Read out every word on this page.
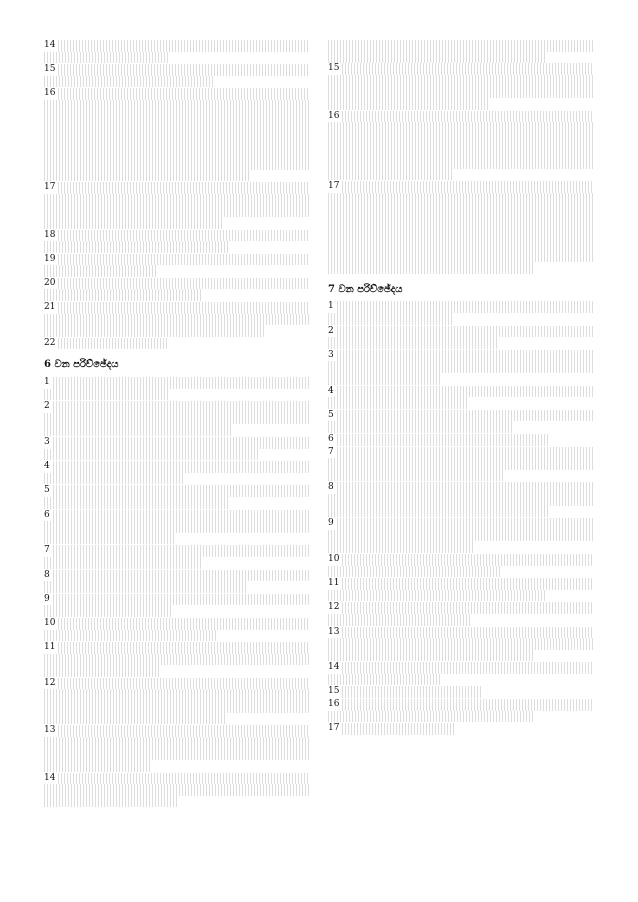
14
15
16
17
18
19
20
21
22
6 වන පරිච්ඡේදය
1
2
3
4
5
6
7
8
9
10
11
12
13
14
15
16
17
7 වන පරිච්ඡේදය
1
2
3
4
5
6
7
8
9
10
11
12
13
14
15
16
17
